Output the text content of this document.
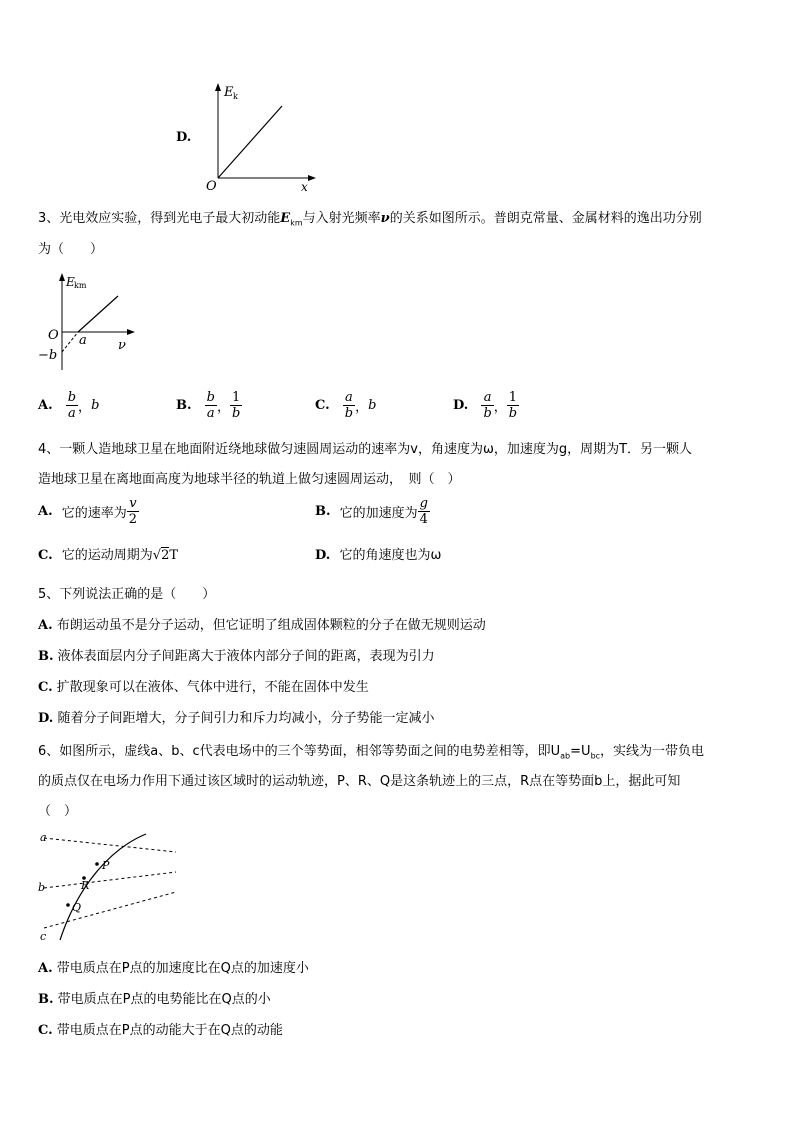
D.
E k
O	x
3、光电效应实验，得到光电子最大初动能$E_{km}$与入射光频率ν的关系如图所示。普朗克常量、金属材料的逸出功分别
为（　　）
E km
O a ν
−b
A. $\frac{b}{a}$ ，b	B. $\frac{b}{a}$ ， $\frac{1}{b}$	C. $\frac{a}{b}$ ，b	D. $\frac{a}{b}$ ， $\frac{1}{b}$
4、一颗人造地球卫星在地面附近绕地球做匀速圆周运动的速率为v，角速度为ω，加速度为g，周期为T．另一颗人
造地球卫星在离地面高度为地球半径的轨道上做匀速圆周运动，　则（　）
A. 它的速率为 $\frac{v}{2}$	B. 它的加速度为 $\frac{g}{4}$
C. 它的运动周期为√2T	D. 它的角速度也为ω
5、下列说法正确的是（　　）
A. 布朗运动虽不是分子运动，但它证明了组成固体颗粒的分子在做无规则运动
B. 液体表面层内分子间距离大于液体内部分子间的距离，表现为引力
C. 扩散现象可以在液体、气体中进行，不能在固体中发生
D. 随着分子间距增大，分子间引力和斥力均减小，分子势能一定减小
6、如图所示，虚线a、b、c代表电场中的三个等势面，相邻等势面之间的电势差相等，即$U_{ab}=U_{bc}$，实线为一带负电
的质点仅在电场力作用下通过该区域时的运动轨迹，P、R、Q是这条轨迹上的三点，R点在等势面b上，据此可知
（　）
a
b
c
P
R
Q
A. 带电质点在P点的加速度比在Q点的加速度小
B. 带电质点在P点的电势能比在Q点的小
C. 带电质点在P点的动能大于在Q点的动能
